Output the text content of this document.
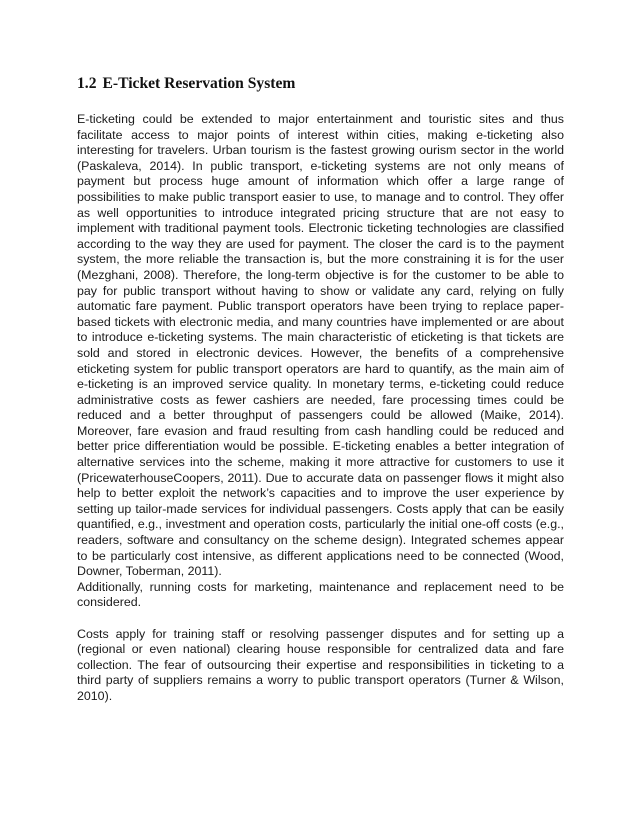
1.2 E-Ticket Reservation System

E-ticketing could be extended to major entertainment and touristic sites and thus facilitate access to major points of interest within cities, making e-ticketing also interesting for travelers. Urban tourism is the fastest growing ourism sector in the world (Paskaleva, 2014). In public transport, e-ticketing systems are not only means of payment but process huge amount of information which offer a large range of possibilities to make public transport easier to use, to manage and to control. They offer as well opportunities to introduce integrated pricing structure that are not easy to implement with traditional payment tools. Electronic ticketing technologies are classified according to the way they are used for payment. The closer the card is to the payment system, the more reliable the transaction is, but the more constraining it is for the user (Mezghani, 2008). Therefore, the long-term objective is for the customer to be able to pay for public transport without having to show or validate any card, relying on fully automatic fare payment. Public transport operators have been trying to replace paper-based tickets with electronic media, and many countries have implemented or are about to introduce e-ticketing systems. The main characteristic of eticketing is that tickets are sold and stored in electronic devices. However, the benefits of a comprehensive eticketing system for public transport operators are hard to quantify, as the main aim of e-ticketing is an improved service quality. In monetary terms, e-ticketing could reduce administrative costs as fewer cashiers are needed, fare processing times could be reduced and a better throughput of passengers could be allowed (Maike, 2014). Moreover, fare evasion and fraud resulting from cash handling could be reduced and better price differentiation would be possible. E-ticketing enables a better integration of alternative services into the scheme, making it more attractive for customers to use it (PricewaterhouseCoopers, 2011). Due to accurate data on passenger flows it might also help to better exploit the network’s capacities and to improve the user experience by setting up tailor-made services for individual passengers. Costs apply that can be easily quantified, e.g., investment and operation costs, particularly the initial one-off costs (e.g., readers, software and consultancy on the scheme design). Integrated schemes appear to be particularly cost intensive, as different applications need to be connected (Wood, Downer, Toberman, 2011).

Additionally, running costs for marketing, maintenance and replacement need to be considered.

Costs apply for training staff or resolving passenger disputes and for setting up a (regional or even national) clearing house responsible for centralized data and fare collection. The fear of outsourcing their expertise and responsibilities in ticketing to a third party of suppliers remains a worry to public transport operators (Turner & Wilson, 2010).
